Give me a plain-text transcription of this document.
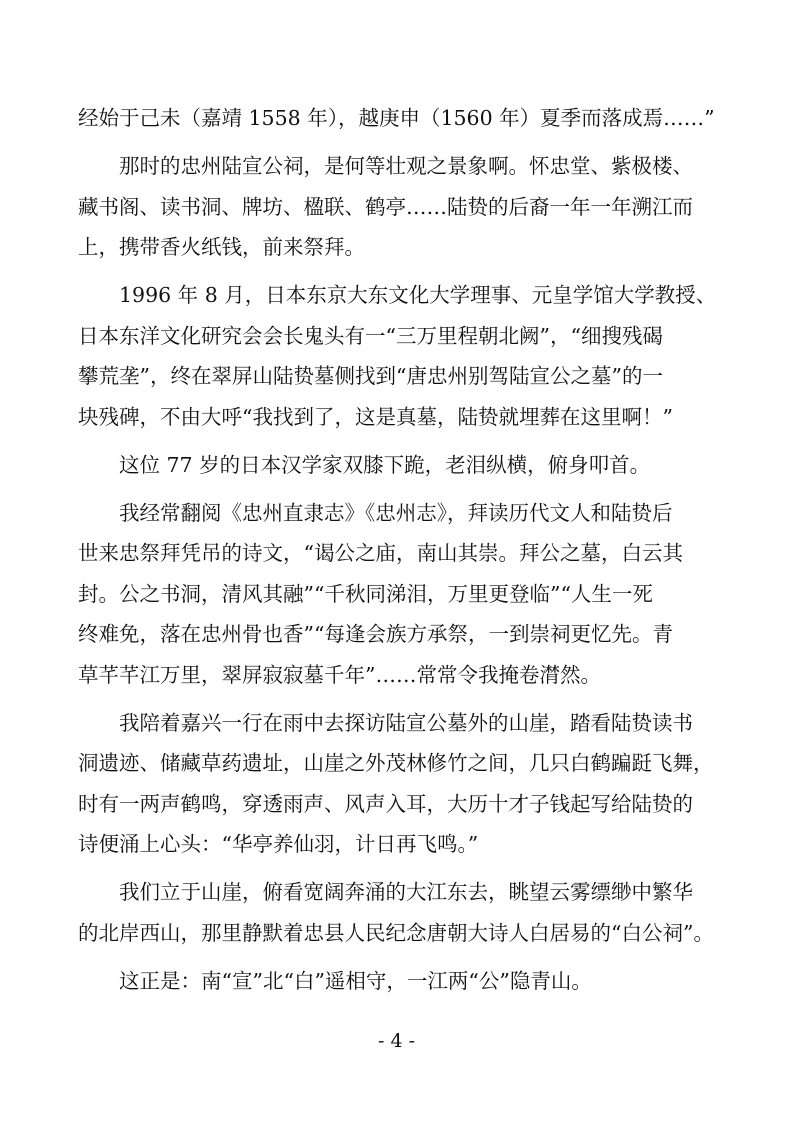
经始于己未（嘉靖 1558 年），越庚申（1560 年）夏季而落成焉……”
那时的忠州陆宣公祠，是何等壮观之景象啊。怀忠堂、紫极楼、
藏书阁、读书洞、牌坊、楹联、鹤亭……陆贽的后裔一年一年溯江而
上，携带香火纸钱，前来祭拜。
1996 年 8 月，日本东京大东文化大学理事、元皇学馆大学教授、
日本东洋文化研究会会长鬼头有一“三万里程朝北阙”，“细搜残碣
攀荒垄”，终在翠屏山陆贽墓侧找到“唐忠州别驾陆宣公之墓”的一
块残碑，不由大呼“我找到了，这是真墓，陆贽就埋葬在这里啊！”
这位 77 岁的日本汉学家双膝下跪，老泪纵横，俯身叩首。
我经常翻阅《忠州直隶志》《忠州志》，拜读历代文人和陆贽后
世来忠祭拜凭吊的诗文，“谒公之庙，南山其崇。拜公之墓，白云其
封。公之书洞，清风其融”“千秋同涕泪，万里更登临”“人生一死
终难免，落在忠州骨也香”“每逢会族方承祭，一到崇祠更忆先。青
草芊芊江万里，翠屏寂寂墓千年”……常常令我掩卷潸然。
我陪着嘉兴一行在雨中去探访陆宣公墓外的山崖，踏看陆贽读书
洞遗迹、储藏草药遗址，山崖之外茂林修竹之间，几只白鹤蹁跹飞舞，
时有一两声鹤鸣，穿透雨声、风声入耳，大历十才子钱起写给陆贽的
诗便涌上心头：“华亭养仙羽，计日再飞鸣。”
我们立于山崖，俯看宽阔奔涌的大江东去，眺望云雾缥缈中繁华
的北岸西山，那里静默着忠县人民纪念唐朝大诗人白居易的“白公祠”。
这正是：南“宣”北“白”遥相守，一江两“公”隐青山。
- 4 -
